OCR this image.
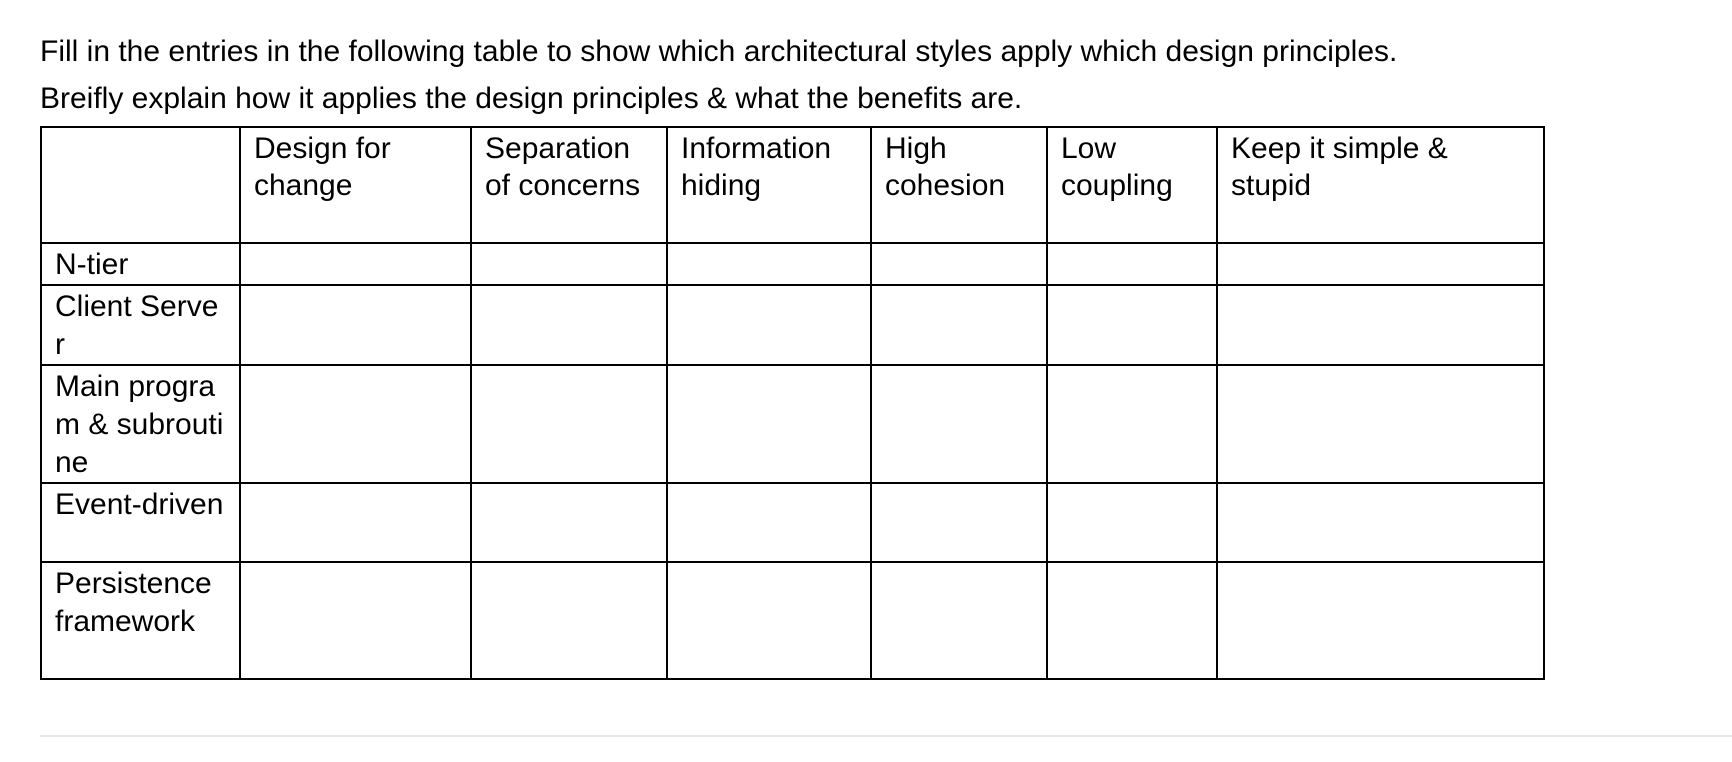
Fill in the entries in the following table to show which architectural styles apply which design principles.

Breifly explain how it applies the design principles & what the benefits are.

	Design for change	Separation of concerns	Information hiding	High cohesion	Low coupling	Keep it simple & stupid
N-tier						
Client Server						
Main program & subroutine						
Event-driven						
Persistence framework						
